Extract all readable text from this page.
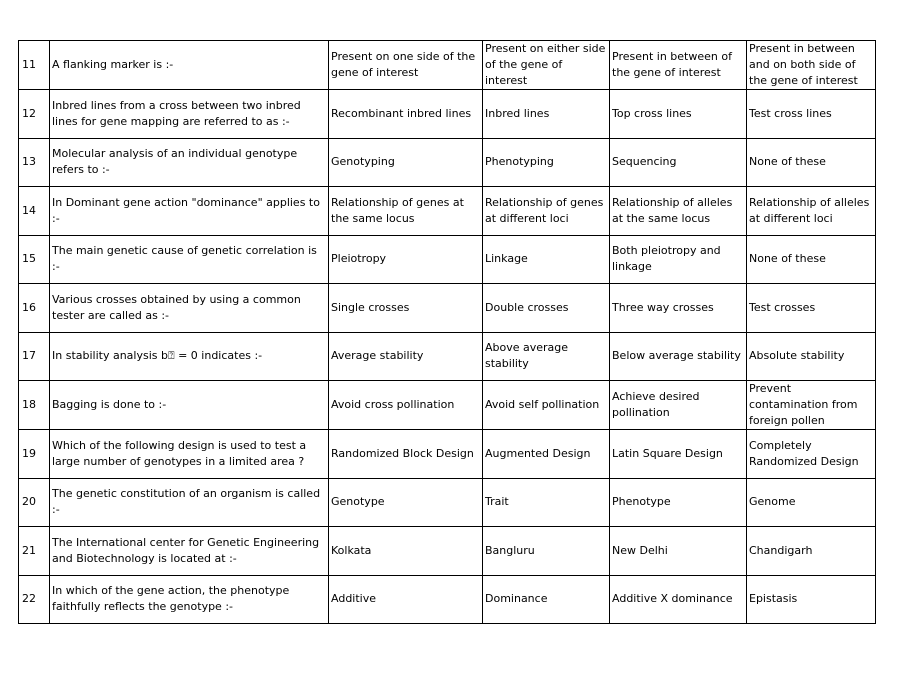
11	A flanking marker is :-	Present on one side of the gene of interest	Present on either side of the gene of interest	Present in between of the gene of interest	Present in between and on both side of the gene of interest
12	Inbred lines from a cross between two inbred lines for gene mapping are referred to as :-	Recombinant inbred lines	Inbred lines	Top cross lines	Test cross lines
13	Molecular analysis of an individual genotype refers to :-	Genotyping	Phenotyping	Sequencing	None of these
14	In Dominant gene action "dominance" applies to :-	Relationship of genes at the same locus	Relationship of genes at different loci	Relationship of alleles at the same locus	Relationship of alleles at different loci
15	The main genetic cause of genetic correlation is :-	Pleiotropy	Linkage	Both pleiotropy and linkage	None of these
16	Various crosses obtained by using a common tester are called as :-	Single crosses	Double crosses	Three way crosses	Test crosses
17	In stability analysis b⍰ = 0 indicates :-	Average stability	Above average stability	Below average stability	Absolute stability
18	Bagging is done to :-	Avoid cross pollination	Avoid self pollination	Achieve desired pollination	Prevent contamination from foreign pollen
19	Which of the following design is used to test a large number of genotypes in a limited area ?	Randomized Block Design	Augmented Design	Latin Square Design	Completely Randomized Design
20	The genetic constitution of an organism is called :-	Genotype	Trait	Phenotype	Genome
21	The International center for Genetic Engineering and Biotechnology is located at :-	Kolkata	Bangluru	New Delhi	Chandigarh
22	In which of the gene action, the phenotype faithfully reflects the genotype :-	Additive	Dominance	Additive X dominance	Epistasis
